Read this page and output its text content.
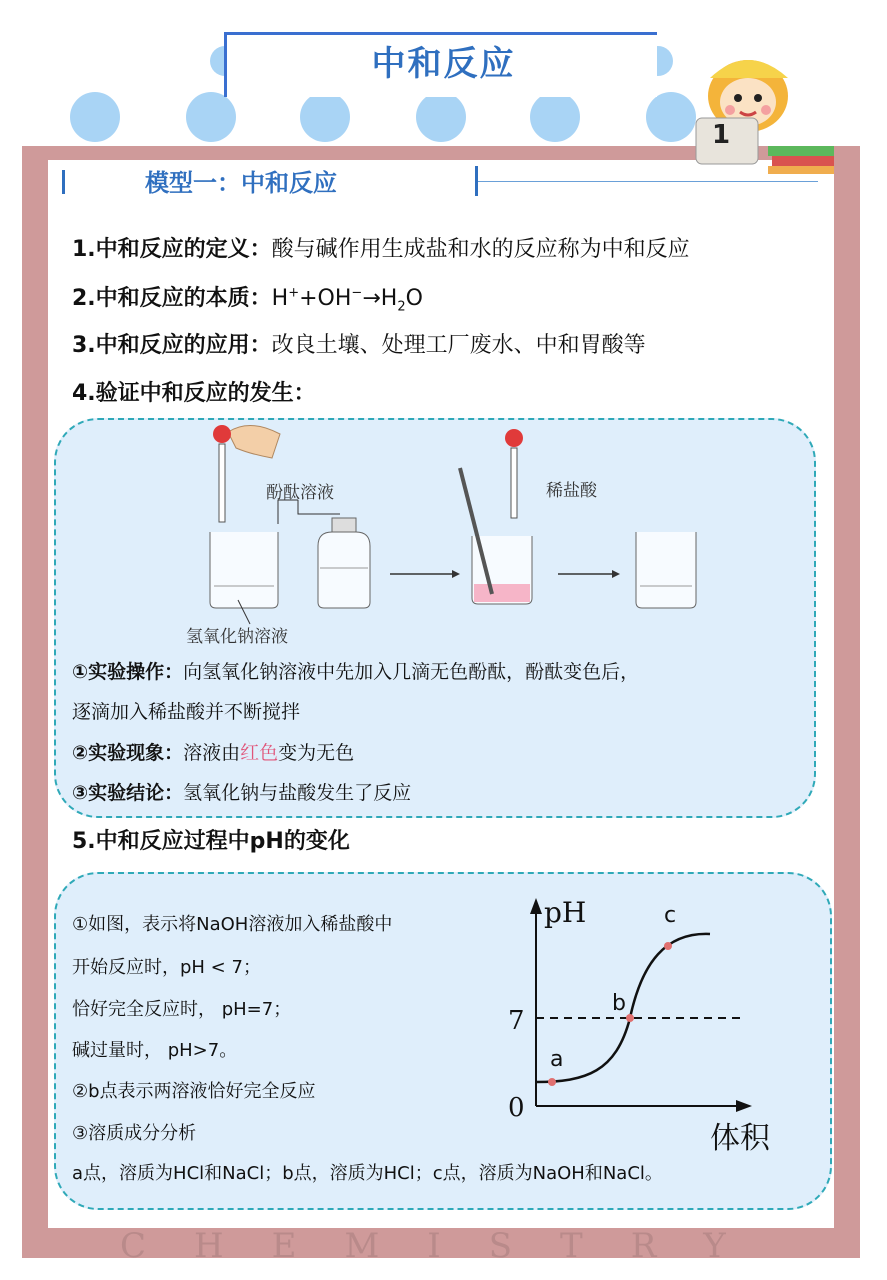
中和反应
1
模型一：中和反应
1.中和反应的定义：酸与碱作用生成盐和水的反应称为中和反应
2.中和反应的本质：$H^++OH^-\to H_2O$
3.中和反应的应用：改良土壤、处理工厂废水、中和胃酸等
4.验证中和反应的发生：
酚酞溶液	稀盐酸
氢氧化钠溶液
①实验操作：向氢氧化钠溶液中先加入几滴无色酚酞，酚酞变色后，
逐滴加入稀盐酸并不断搅拌
②实验现象：溶液由红色变为无色
③实验结论：氢氧化钠与盐酸发生了反应
5.中和反应过程中pH的变化
①如图，表示将NaOH溶液加入稀盐酸中
开始反应时，pH < 7；
恰好完全反应时， pH=7；
碱过量时， pH>7。
②b点表示两溶液恰好完全反应
③溶质成分分析
a点，溶质为HCl和NaCl；b点，溶质为HCl；c点，溶质为NaOH和NaCl。
pH
7
0
a
b
c
体积
CHEMISTRY
